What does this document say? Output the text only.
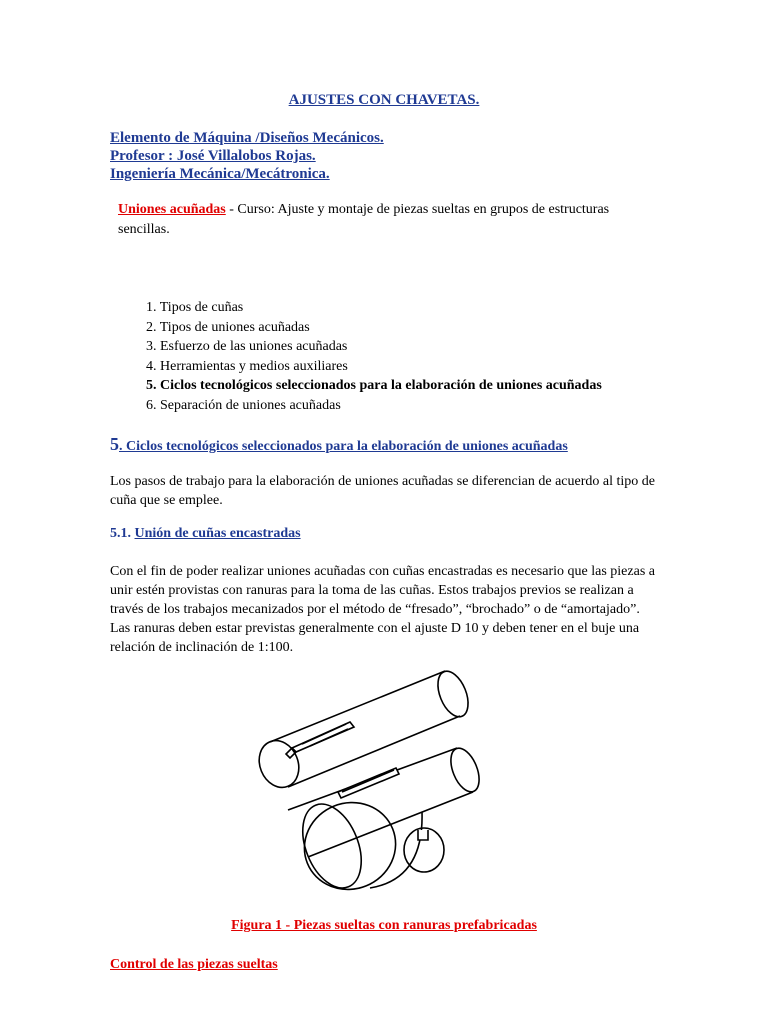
AJUSTES CON CHAVETAS.
Elemento de Máquina /Diseños Mecánicos.
Profesor : José Villalobos Rojas.
Ingeniería Mecánica/Mecátronica.
Uniones acuñadas - Curso: Ajuste y montaje de piezas sueltas en grupos de estructuras sencillas.
1. Tipos de cuñas
2. Tipos de uniones acuñadas
3. Esfuerzo de las uniones acuñadas
4. Herramientas y medios auxiliares
5. Ciclos tecnológicos seleccionados para la elaboración de uniones acuñadas
6. Separación de uniones acuñadas
5. Ciclos tecnológicos seleccionados para la elaboración de uniones acuñadas
Los pasos de trabajo para la elaboración de uniones acuñadas se diferencian de acuerdo al tipo de cuña que se emplee.
5.1. Unión de cuñas encastradas
Con el fin de poder realizar uniones acuñadas con cuñas encastradas es necesario que las piezas a unir estén provistas con ranuras para la toma de las cuñas. Estos trabajos previos se realizan a través de los trabajos mecanizados por el método de “fresado”, “brochado” o de “amortajado”. Las ranuras deben estar previstas generalmente con el ajuste D 10 y deben tener en el buje una relación de inclinación de 1:100.
Figura 1 - Piezas sueltas con ranuras prefabricadas
Control de las piezas sueltas
